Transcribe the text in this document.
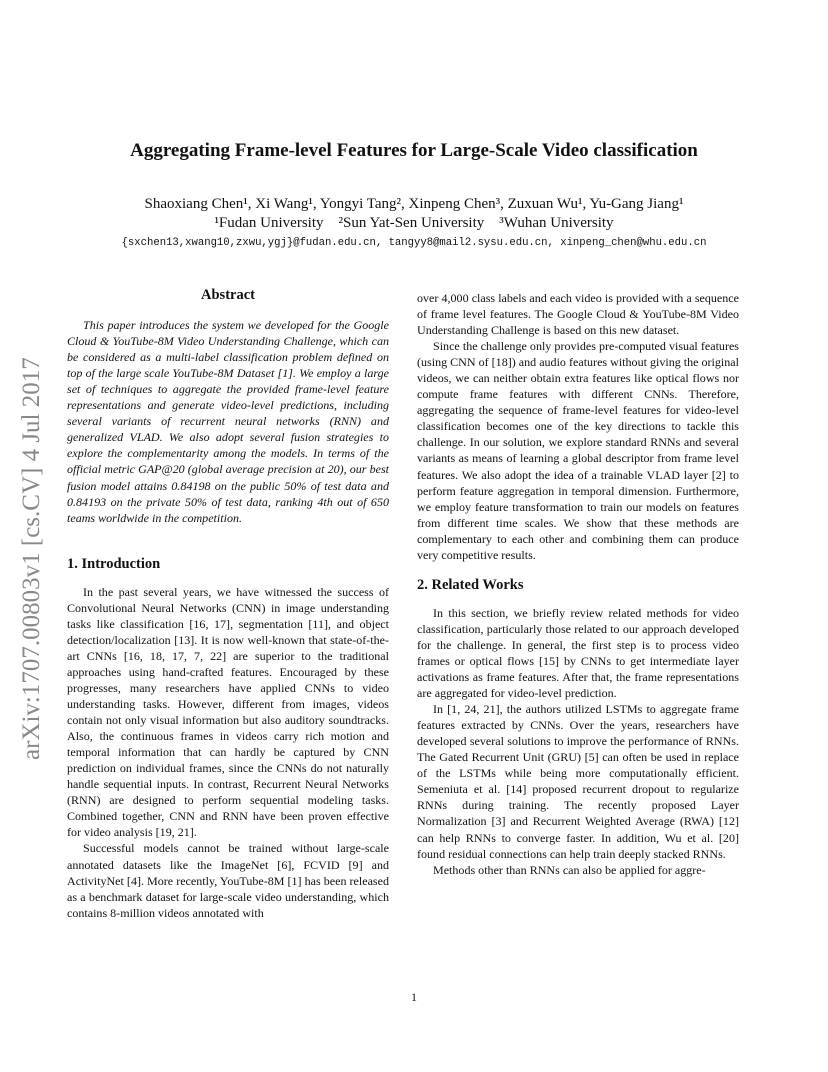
Aggregating Frame-level Features for Large-Scale Video classification
Shaoxiang Chen¹, Xi Wang¹, Yongyi Tang², Xinpeng Chen³, Zuxuan Wu¹, Yu-Gang Jiang¹
¹Fudan University    ²Sun Yat-Sen University    ³Wuhan University
{sxchen13,xwang10,zxwu,ygj}@fudan.edu.cn, tangyy8@mail2.sysu.edu.cn, xinpeng_chen@whu.edu.cn
arXiv:1707.00803v1 [cs.CV] 4 Jul 2017
Abstract

This paper introduces the system we developed for the Google Cloud & YouTube-8M Video Understanding Challenge, which can be considered as a multi-label classification problem defined on top of the large scale YouTube-8M Dataset [1]. We employ a large set of techniques to aggregate the provided frame-level feature representations and generate video-level predictions, including several variants of recurrent neural networks (RNN) and generalized VLAD. We also adopt several fusion strategies to explore the complementarity among the models. In terms of the official metric GAP@20 (global average precision at 20), our best fusion model attains 0.84198 on the public 50% of test data and 0.84193 on the private 50% of test data, ranking 4th out of 650 teams worldwide in the competition.

1. Introduction

In the past several years, we have witnessed the success of Convolutional Neural Networks (CNN) in image understanding tasks like classification [16, 17], segmentation [11], and object detection/localization [13]. It is now well-known that state-of-the-art CNNs [16, 18, 17, 7, 22] are superior to the traditional approaches using hand-crafted features. Encouraged by these progresses, many researchers have applied CNNs to video understanding tasks. However, different from images, videos contain not only visual information but also auditory soundtracks. Also, the continuous frames in videos carry rich motion and temporal information that can hardly be captured by CNN prediction on individual frames, since the CNNs do not naturally handle sequential inputs. In contrast, Recurrent Neural Networks (RNN) are designed to perform sequential modeling tasks. Combined together, CNN and RNN have been proven effective for video analysis [19, 21].

Successful models cannot be trained without large-scale annotated datasets like the ImageNet [6], FCVID [9] and ActivityNet [4]. More recently, YouTube-8M [1] has been released as a benchmark dataset for large-scale video understanding, which contains 8-million videos annotated with

over 4,000 class labels and each video is provided with a sequence of frame level features. The Google Cloud & YouTube-8M Video Understanding Challenge is based on this new dataset.

Since the challenge only provides pre-computed visual features (using CNN of [18]) and audio features without giving the original videos, we can neither obtain extra features like optical flows nor compute frame features with different CNNs. Therefore, aggregating the sequence of frame-level features for video-level classification becomes one of the key directions to tackle this challenge. In our solution, we explore standard RNNs and several variants as means of learning a global descriptor from frame level features. We also adopt the idea of a trainable VLAD layer [2] to perform feature aggregation in temporal dimension. Furthermore, we employ feature transformation to train our models on features from different time scales. We show that these methods are complementary to each other and combining them can produce very competitive results.

2. Related Works

In this section, we briefly review related methods for video classification, particularly those related to our approach developed for the challenge. In general, the first step is to process video frames or optical flows [15] by CNNs to get intermediate layer activations as frame features. After that, the frame representations are aggregated for video-level prediction.

In [1, 24, 21], the authors utilized LSTMs to aggregate frame features extracted by CNNs. Over the years, researchers have developed several solutions to improve the performance of RNNs. The Gated Recurrent Unit (GRU) [5] can often be used in replace of the LSTMs while being more computationally efficient. Semeniuta et al. [14] proposed recurrent dropout to regularize RNNs during training. The recently proposed Layer Normalization [3] and Recurrent Weighted Average (RWA) [12] can help RNNs to converge faster. In addition, Wu et al. [20] found residual connections can help train deeply stacked RNNs.

Methods other than RNNs can also be applied for aggre-

1
